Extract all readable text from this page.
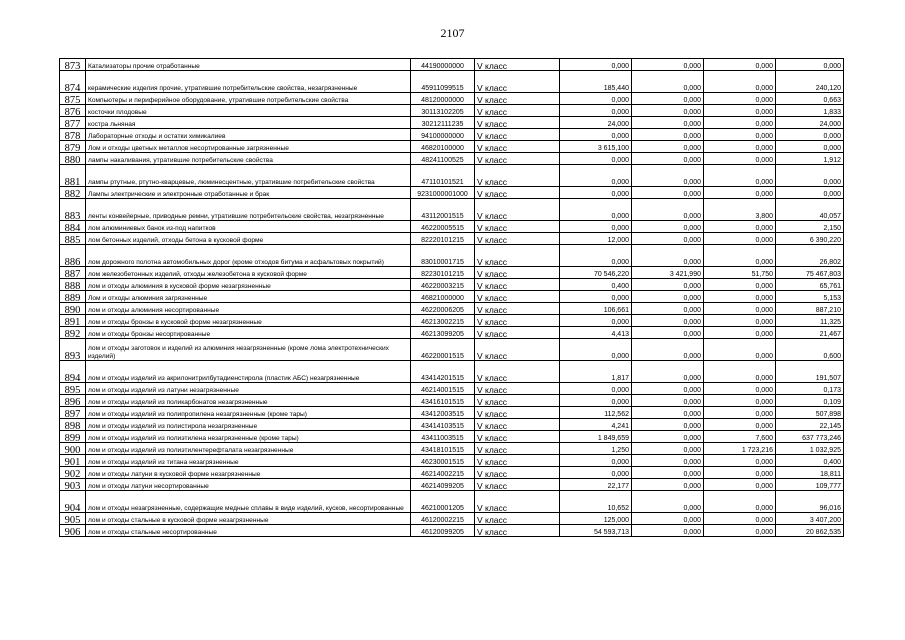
2107
873	Катализаторы прочие отработанные	44190000000	V класс	0,000	0,000	0,000	0,000
874	керамические изделия прочие, утратившие потребительские свойства, незагрязненные	45911099515	V класс	185,440	0,000	0,000	240,120
875	Компьютеры и периферийное оборудование, утратившие потребительские свойства	48120000000	V класс	0,000	0,000	0,000	0,663
876	косточки плодовые	30113102205	V класс	0,000	0,000	0,000	1,833
877	костра льняная	30212111235	V класс	24,000	0,000	0,000	24,000
878	Лабораторные отходы и остатки химикалиев	94100000000	V класс	0,000	0,000	0,000	0,000
879	Лом и отходы цветных металлов несортированные загрязненные	46820100000	V класс	3 615,100	0,000	0,000	0,000
880	лампы накаливания, утратившие потребительские свойства	48241100525	V класс	0,000	0,000	0,000	1,912
881	лампы ртутные, ртутно-кварцевые, люминесцентные, утратившие потребительские свойства	47110101521	V класс	0,000	0,000	0,000	0,000
882	Лампы электрические и электронные отработанные и брак	9231000001000	V класс	0,000	0,000	0,000	0,000
883	ленты конвейерные, приводные ремни, утратившие потребительские свойства, незагрязненные	43112001515	V класс	0,000	0,000	3,800	40,057
884	лом алюминиевых банок из-под напитков	46220005515	V класс	0,000	0,000	0,000	2,150
885	лом бетонных изделий, отходы бетона в кусковой форме	82220101215	V класс	12,000	0,000	0,000	6 390,220
886	лом дорожного полотна автомобильных дорог (кроме отходов битума и асфальтовых покрытий)	83010001715	V класс	0,000	0,000	0,000	26,802
887	лом железобетонных изделий, отходы железобетона в кусковой форме	82230101215	V класс	70 546,220	3 421,990	51,750	75 467,803
888	лом и отходы алюминия в кусковой форме незагрязненные	46220003215	V класс	0,400	0,000	0,000	65,761
889	Лом и отходы алюминия загрязненные	46821000000	V класс	0,000	0,000	0,000	5,153
890	лом и отходы алюминия несортированные	46220006205	V класс	106,661	0,000	0,000	887,210
891	лом и отходы бронзы в кусковой форме незагрязненные	46213002215	V класс	0,000	0,000	0,000	11,325
892	лом и отходы бронзы несортированные	46213099205	V класс	4,413	0,000	0,000	21,467
893	лом и отходы заготовок и изделий из алюминия незагрязненные (кроме лома электротехнических изделий)	46220001515	V класс	0,000	0,000	0,000	0,600
894	лом и отходы изделий из акрилонитрилбутадиенстирола (пластик АБС) незагрязненные	43414201515	V класс	1,817	0,000	0,000	191,507
895	лом и отходы изделий из латуни незагрязненные	46214001515	V класс	0,000	0,000	0,000	0,173
896	лом и отходы изделий из поликарбонатов незагрязненные	43416101515	V класс	0,000	0,000	0,000	0,109
897	лом и отходы изделий из полипропилена незагрязненные (кроме тары)	43412003515	V класс	112,562	0,000	0,000	507,898
898	лом и отходы изделий из полистирола незагрязненные	43414103515	V класс	4,241	0,000	0,000	22,145
899	лом и отходы изделий из полиэтилена незагрязненные (кроме тары)	43411003515	V класс	1 849,659	0,000	7,600	637 773,246
900	лом и отходы изделий из полиэтилентерефталата незагрязненные	43418101515	V класс	1,250	0,000	1 723,216	1 032,925
901	лом и отходы изделий из титана незагрязненные	46230001515	V класс	0,000	0,000	0,000	0,400
902	лом и отходы латуни в кусковой форме незагрязненные	46214002215	V класс	0,000	0,000	0,000	18,811
903	лом и отходы латуни несортированные	46214099205	V класс	22,177	0,000	0,000	109,777
904	лом и отходы незагрязненные, содержащие медные сплавы в виде изделий, кусков, несортированные	46210001205	V класс	10,652	0,000	0,000	96,016
905	лом и отходы стальные в кусковой форме незагрязненные	46120002215	V класс	125,000	0,000	0,000	3 407,200
906	лом и отходы стальные несортированные	46120099205	V класс	54 593,713	0,000	0,000	20 862,535
